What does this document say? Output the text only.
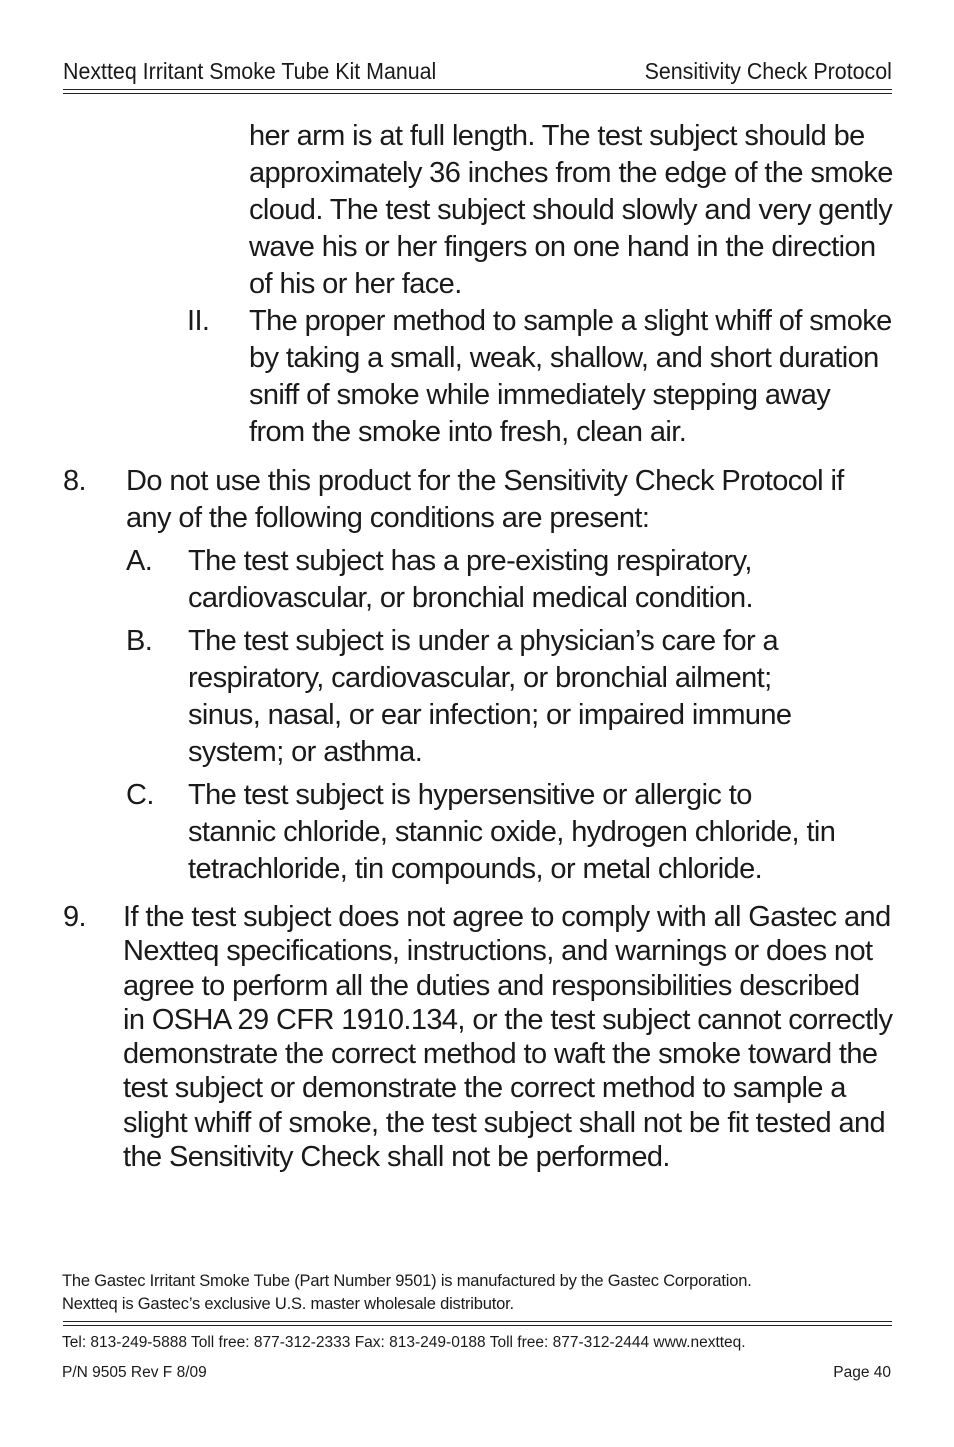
Nextteq Irritant Smoke Tube Kit Manual	Sensitivity Check Protocol
her arm is at full length. The test subject should be
approximately 36 inches from the edge of the smoke
cloud. The test subject should slowly and very gently
wave his or her fingers on one hand in the direction
of his or her face.
II. The proper method to sample a slight whiff of smoke
by taking a small, weak, shallow, and short duration
sniff of smoke while immediately stepping away
from the smoke into fresh, clean air.
8. Do not use this product for the Sensitivity Check Protocol if
any of the following conditions are present:
A. The test subject has a pre-existing respiratory,
cardiovascular, or bronchial medical condition.
B. The test subject is under a physician’s care for a
respiratory, cardiovascular, or bronchial ailment;
sinus, nasal, or ear infection; or impaired immune
system; or asthma.
C. The test subject is hypersensitive or allergic to
stannic chloride, stannic oxide, hydrogen chloride, tin
tetrachloride, tin compounds, or metal chloride.
9. If the test subject does not agree to comply with all Gastec and
Nextteq specifications, instructions, and warnings or does not
agree to perform all the duties and responsibilities described
in OSHA 29 CFR 1910.134, or the test subject cannot correctly
demonstrate the correct method to waft the smoke toward the
test subject or demonstrate the correct method to sample a
slight whiff of smoke, the test subject shall not be fit tested and
the Sensitivity Check shall not be performed.
The Gastec Irritant Smoke Tube (Part Number 9501) is manufactured by the Gastec Corporation.
Nextteq is Gastec’s exclusive U.S. master wholesale distributor.
Tel: 813-249-5888 Toll free: 877-312-2333 Fax: 813-249-0188 Toll free: 877-312-2444 www.nextteq.
P/N 9505 Rev F 8/09	Page 40
